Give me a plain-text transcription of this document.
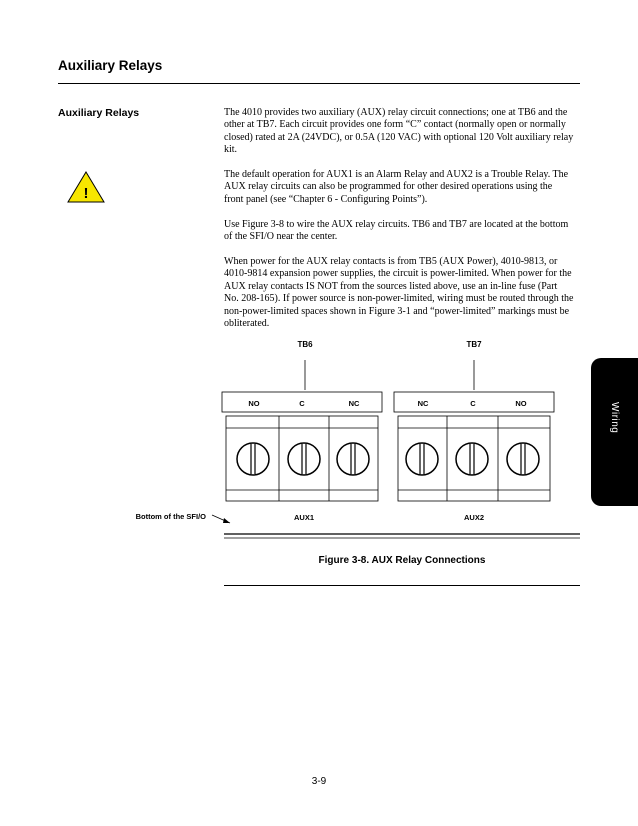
Auxiliary Relays
Auxiliary Relays	The 4010 provides two auxiliary (AUX) relay circuit connections; one at TB6 and the other at TB7. Each circuit provides one form “C” contact (normally open or normally closed) rated at 2A (24VDC), or 0.5A (120 VAC) with optional 120 Volt auxiliary relay kit.

The default operation for AUX1 is an Alarm Relay and AUX2 is a Trouble Relay. The AUX relay circuits can also be programmed for other desired operations using the front panel (see “Chapter 6 - Configuring Points”).

Use Figure 3-8 to wire the AUX relay circuits. TB6 and TB7 are located at the bottom of the SFI/O near the center.

When power for the AUX relay contacts is from TB5 (AUX Power), 4010-9813, or 4010-9814 expansion power supplies, the circuit is power-limited. When power for the AUX relay contacts IS NOT from the sources listed above, use an in-line fuse (Part No. 208-165). If power source is non-power-limited, wiring must be routed through the non-power-limited spaces shown in Figure 3-1 and “power-limited” markings must be obliterated.

!
TB6	TB7
NO	C	NC	NC	C	NO
Bottom of the SFI/O	AUX1	AUX2
Figure 3-8. AUX Relay Connections
Wiring
3-9
